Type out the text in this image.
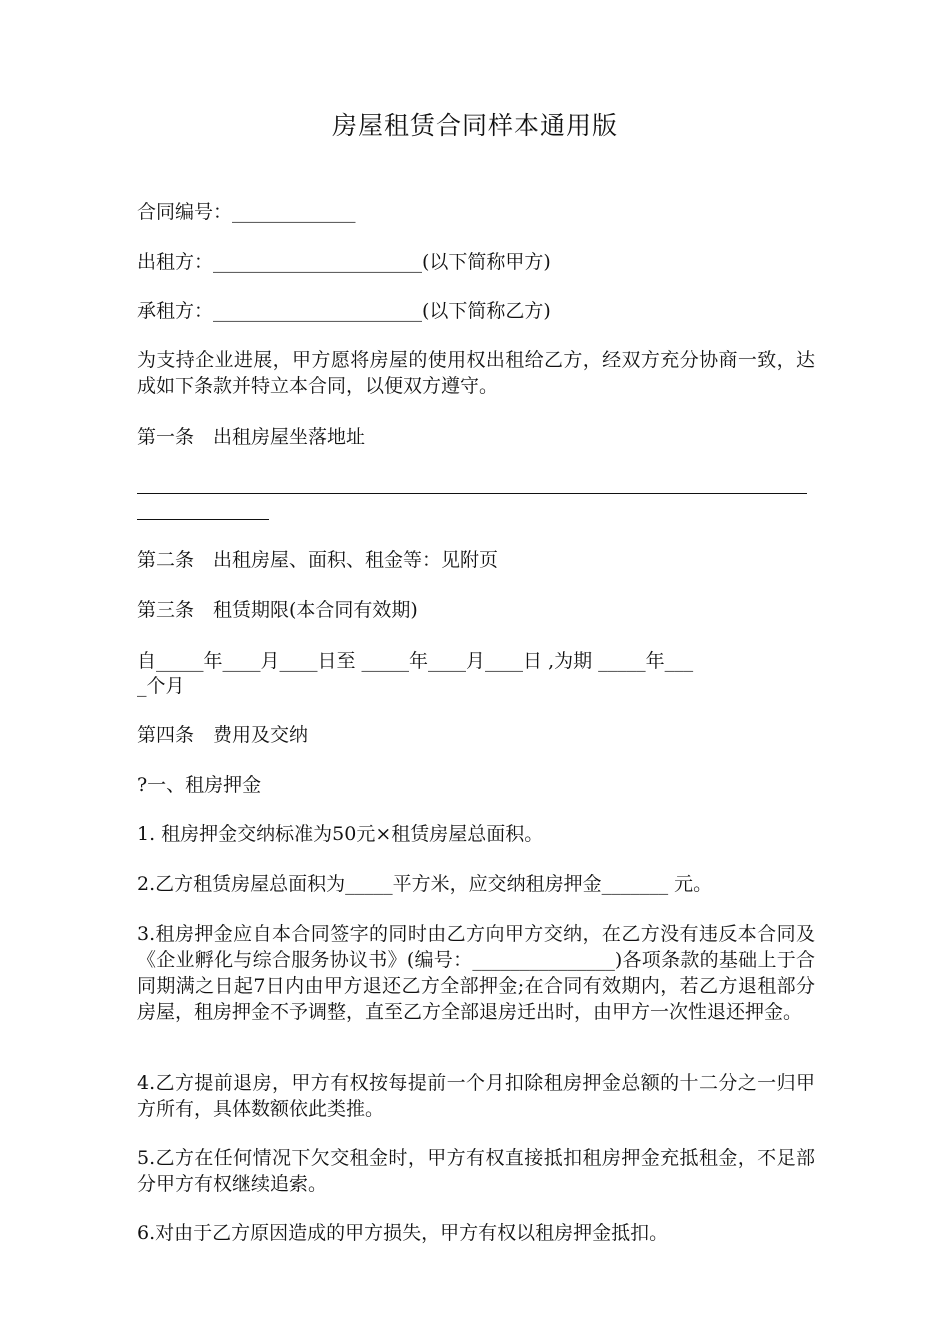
房屋租赁合同样本通用版
合同编号：_____________
出租方：______________________(以下简称甲方)
承租方：______________________(以下简称乙方)
为支持企业进展，甲方愿将房屋的使用权出租给乙方，经双方充分协商一致，达成如下条款并特立本合同，以便双方遵守。
第一条　出租房屋坐落地址
第二条　出租房屋、面积、租金等：见附页
第三条　租赁期限(本合同有效期)
自_____年____月____日至 _____年____月____日 ,为期 _____年___
_个月
第四条　费用及交纳
?一、租房押金
1. 租房押金交纳标准为50元×租赁房屋总面积。
2.乙方租赁房屋总面积为_____平方米，应交纳租房押金_______ 元。
3.租房押金应自本合同签字的同时由乙方向甲方交纳，在乙方没有违反本合同及《企业孵化与综合服务协议书》(编号：_______________)各项条款的基础上于合同期满之日起7日内由甲方退还乙方全部押金;在合同有效期内，若乙方退租部分房屋，租房押金不予调整，直至乙方全部退房迁出时，由甲方一次性退还押金。
4.乙方提前退房，甲方有权按每提前一个月扣除租房押金总额的十二分之一归甲方所有，具体数额依此类推。
5.乙方在任何情况下欠交租金时，甲方有权直接抵扣租房押金充抵租金，不足部分甲方有权继续追索。
6.对由于乙方原因造成的甲方损失，甲方有权以租房押金抵扣。
